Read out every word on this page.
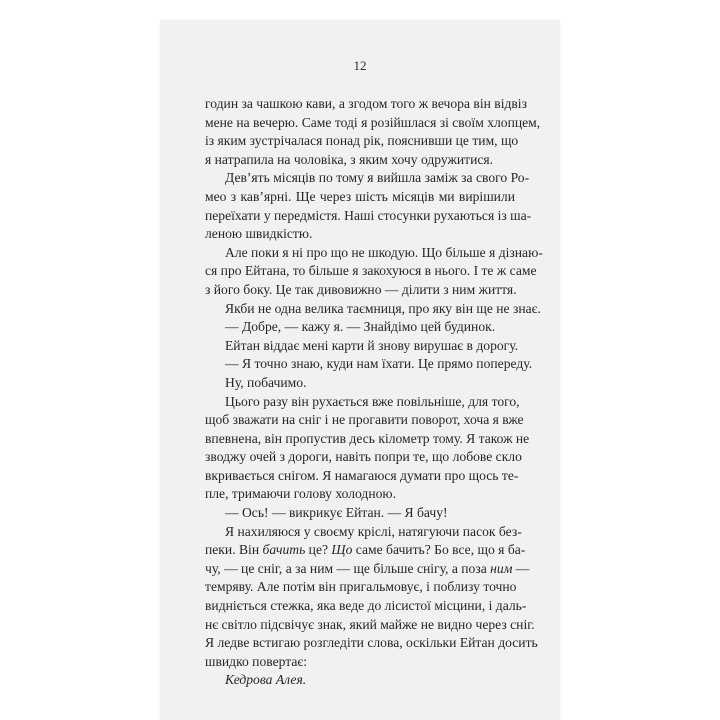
12
годин за чашкою кави, а згодом того ж вечора він відвіз
мене на вечерю. Саме тоді я розійшлася зі своїм хлопцем,
із яким зустрічалася понад рік, пояснивши це тим, що
я натрапила на чоловіка, з яким хочу одружитися.
Дев’ять місяців по тому я вийшла заміж за свого Ро-
мео з кав’ярні. Ще через шість місяців ми вирішили
переїхати у передмістя. Наші стосунки рухаються із ша-
леною швидкістю.
Але поки я ні про що не шкодую. Що більше я дізнаю-
ся про Ейтана, то більше я закохуюся в нього. І те ж саме
з його боку. Це так дивовижно — ділити з ним життя.
Якби не одна велика таємниця, про яку він ще не знає.
— Добре, — кажу я. — Знайдімо цей будинок.
Ейтан віддає мені карти й знову вирушає в дорогу.
— Я точно знаю, куди нам їхати. Це прямо попереду.
Ну, побачимо.
Цього разу він рухається вже повільніше, для того,
щоб зважати на сніг і не прогавити поворот, хоча я вже
впевнена, він пропустив десь кілометр тому. Я також не
зводжу очей з дороги, навіть попри те, що лобове скло
вкривається снігом. Я намагаюся думати про щось те-
пле, тримаючи голову холодною.
— Ось! — викрикує Ейтан. — Я бачу!
Я нахиляюся у своєму кріслі, натягуючи пасок без-
пеки. Він бачить це? Що саме бачить? Бо все, що я ба-
чу, — це сніг, а за ним — ще більше снігу, а поза ним —
темряву. Але потім він пригальмовує, і поблизу точно
видніється стежка, яка веде до лісистої місцини, і даль-
нє світло підсвічує знак, який майже не видно через сніг.
Я ледве встигаю розгледіти слова, оскільки Ейтан досить
швидко повертає:
Кедрова Алея.
